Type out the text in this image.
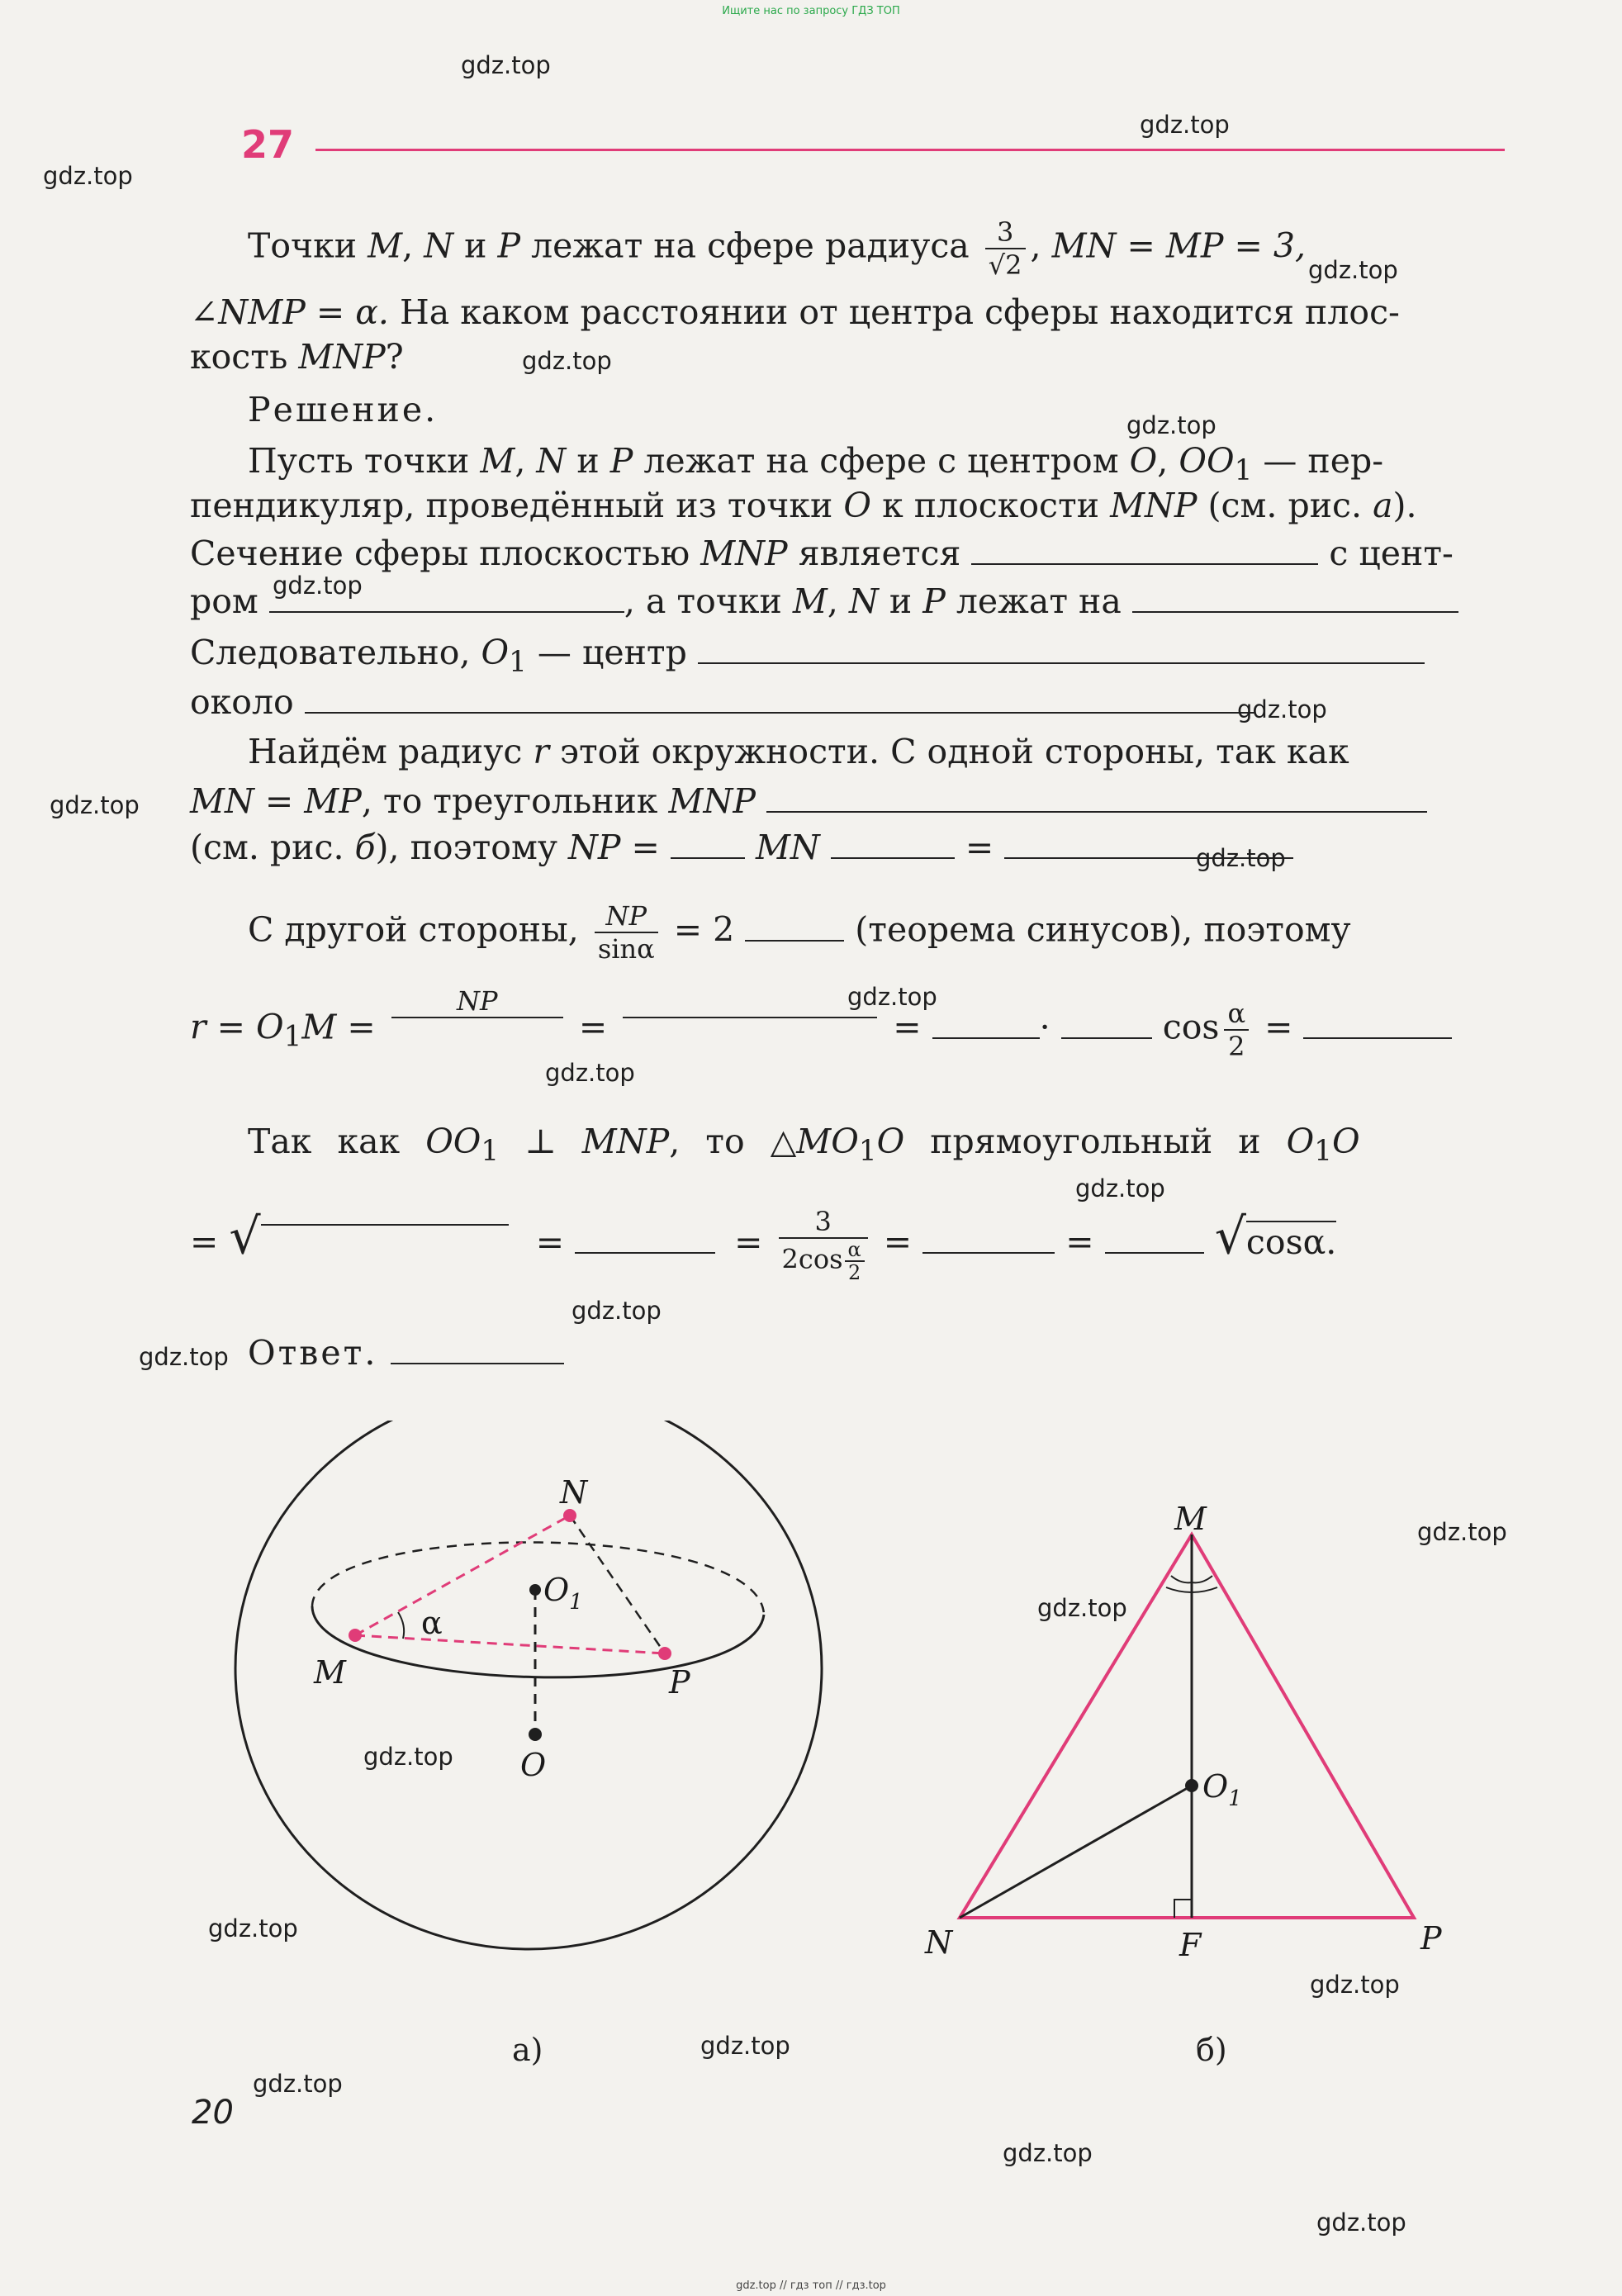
Ищите нас по запросу ГДЗ ТОП

27
Точки M, N и P лежат на сфере радиуса $\frac{3}{√2}$ , MN = MP = 3,
∠NMP = α. На каком расстоянии от центра сферы находится плос-
кость MNP?
Решение.
Пусть точки M, N и P лежат на сфере с центром O, $OO_1$ — пер-
пендикуляр, проведённый из точки O к плоскости MNP (см. рис. а).
Сечение сферы плоскостью MNP является	с цент-
ром	, а точки M, N и P лежат на
Следовательно, $O_1$ — центр
около
Найдём радиус r этой окружности. С одной стороны, так как
MN = MP, то треугольник MNP
(см. рис. б), поэтому NP =	MN	=
С другой стороны, $\frac{NP}{\sin\alpha} = 2$	(теорема синусов), поэтому
$r = O_1M$ =
NP
=	=	·	$\cos \frac{\alpha}{2}$ =
Так как $OO_1$ ⊥ MNP, то $\triangle MO_1O$ прямоугольный и $O_1O$
= √	=	= $\frac{3}{2\cos \frac{\alpha}{2}}$ =	= √cosα.
Ответ.
N
M	P
$O_1$
O
α
а)
M
N	P
F
$O_1$
б)
20
gdz.top
gdz.top
gdz.top
gdz.top
gdz.top
gdz.top
gdz.top
gdz.top
gdz.top
gdz.top
gdz.top
gdz.top
gdz.top
gdz.top
gdz.top
gdz.top
gdz.top
gdz.top
gdz.top
gdz.top
gdz.top
gdz.top
gdz.top
gdz.top
gdz.top // гдз топ // гдз.top
